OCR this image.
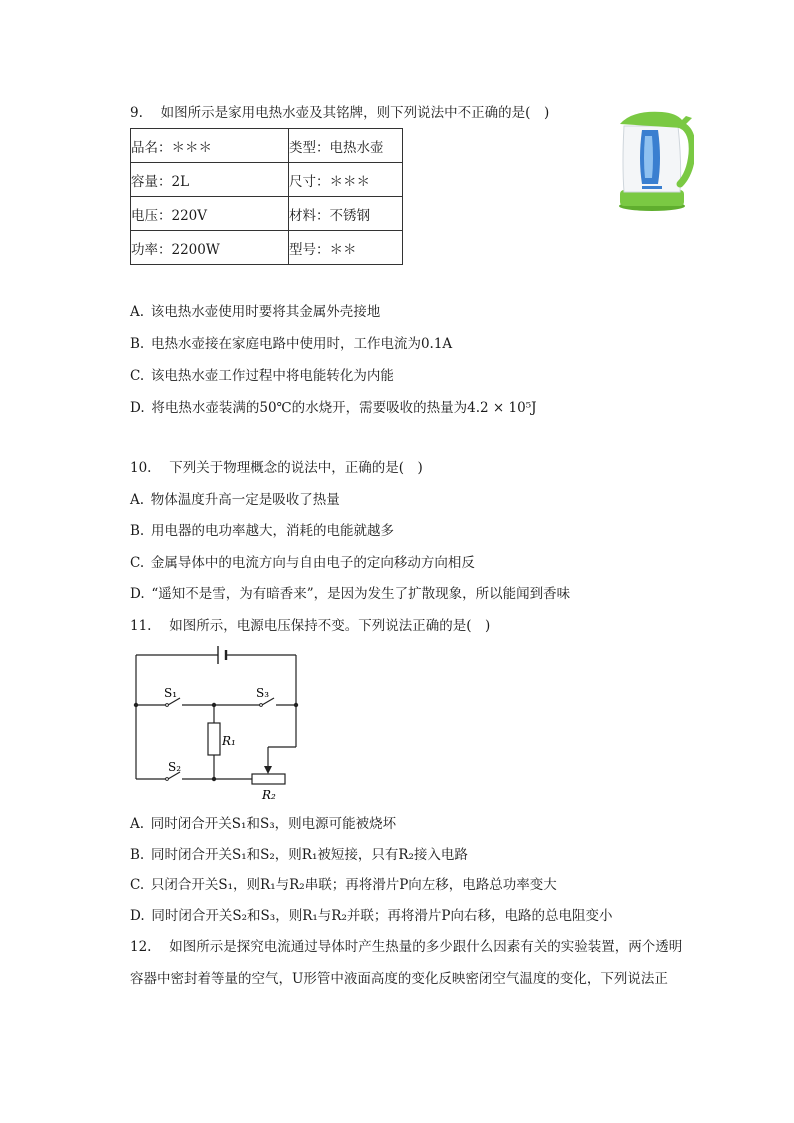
9.　 如图所示是家用电热水壶及其铭牌，则下列说法中不正确的是(　)
品名：＊＊＊	类型：电热水壶
容量：2L	尺寸：＊＊＊
电压：220V	材料：不锈钢
功率：2200W	型号：＊＊
A. 该电热水壶使用时要将其金属外壳接地
B. 电热水壶接在家庭电路中使用时，工作电流为0.1A
C. 该电热水壶工作过程中将电能转化为内能
D. 将电热水壶装满的50℃的水烧开，需要吸收的热量为4.2 × 10⁵J
10.　 下列关于物理概念的说法中，正确的是(　)
A. 物体温度升高一定是吸收了热量
B. 用电器的电功率越大，消耗的电能就越多
C. 金属导体中的电流方向与自由电子的定向移动方向相反
D. “遥知不是雪，为有暗香来”，是因为发生了扩散现象，所以能闻到香味
11.　 如图所示，电源电压保持不变。下列说法正确的是(　)
S₁	S₃
R₁
S₂
R₂
A. 同时闭合开关S₁和S₃，则电源可能被烧坏
B. 同时闭合开关S₁和S₂，则R₁被短接，只有R₂接入电路
C. 只闭合开关S₁，则R₁与R₂串联；再将滑片P向左移，电路总功率变大
D. 同时闭合开关S₂和S₃，则R₁与R₂并联；再将滑片P向右移，电路的总电阻变小
12.　 如图所示是探究电流通过导体时产生热量的多少跟什么因素有关的实验装置，两个透明
容器中密封着等量的空气，U形管中液面高度的变化反映密闭空气温度的变化，下列说法正
